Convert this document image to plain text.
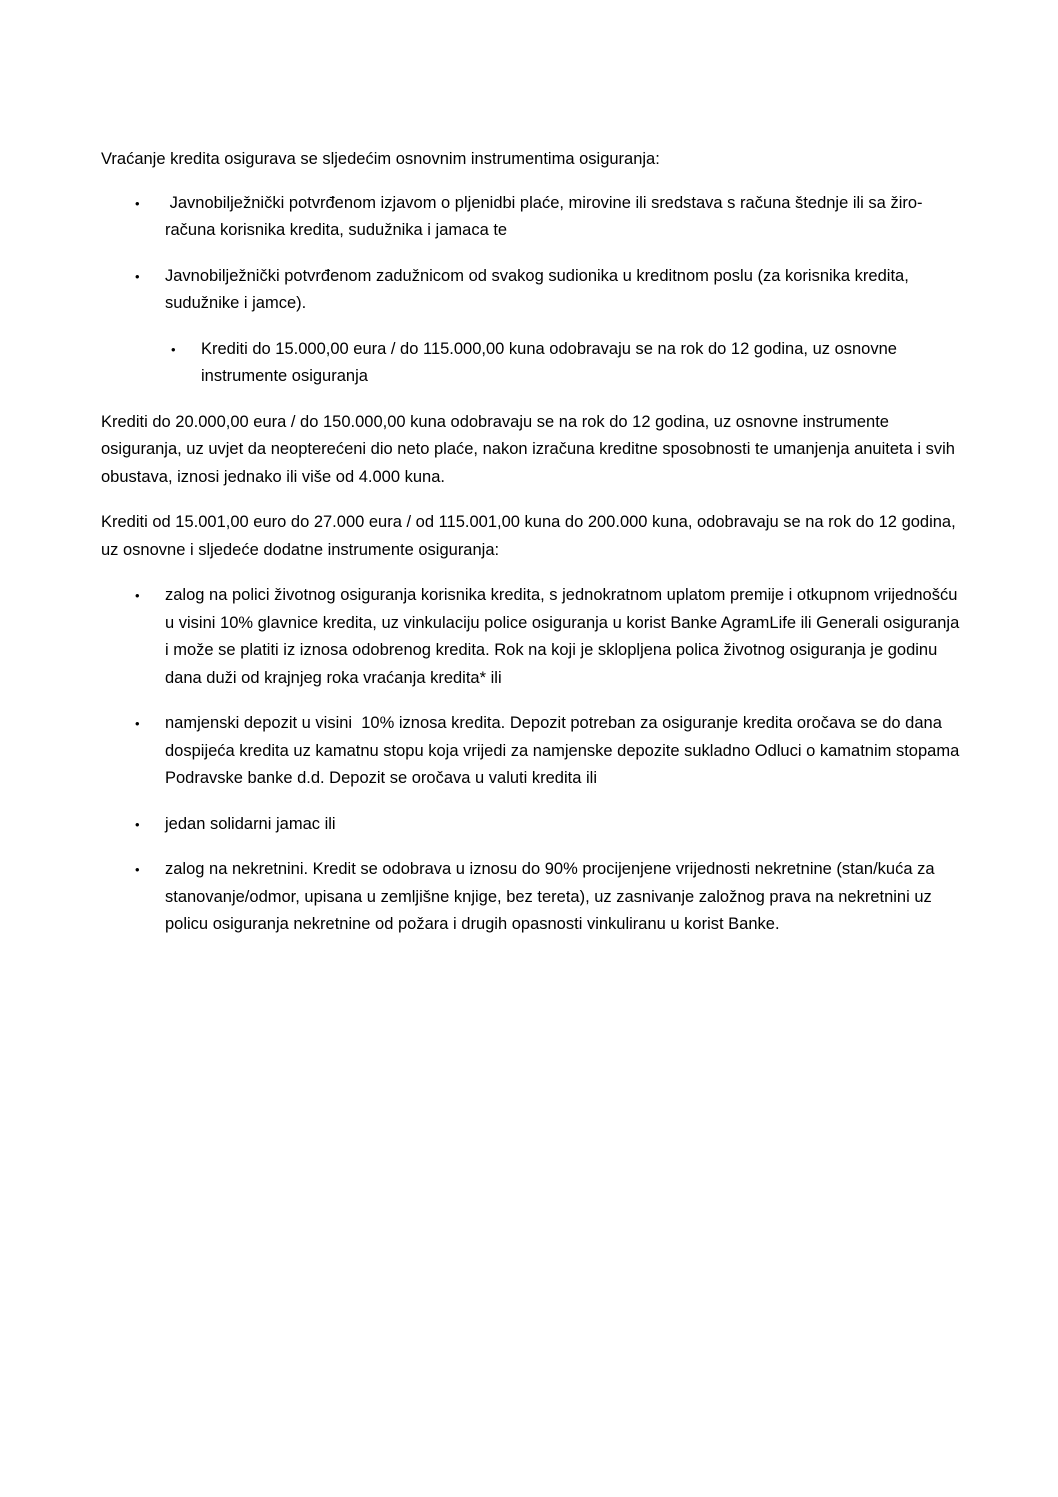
Vraćanje kredita osigurava se sljedećim osnovnim instrumentima osiguranja:

• Javnobilježnički potvrđenom izjavom o pljenidbi plaće, mirovine ili sredstava s računa štednje ili sa žiro-računa korisnika kredita, sudužnika i jamaca te
• Javnobilježnički potvrđenom zadužnicom od svakog sudionika u kreditnom poslu (za korisnika kredita, sudužnike i jamce).
• Krediti do 15.000,00 eura / do 115.000,00 kuna odobravaju se na rok do 12 godina, uz osnovne instrumente osiguranja

Krediti do 20.000,00 eura / do 150.000,00 kuna odobravaju se na rok do 12 godina, uz osnovne instrumente osiguranja, uz uvjet da neopterećeni dio neto plaće, nakon izračuna kreditne sposobnosti te umanjenja anuiteta i svih obustava, iznosi jednako ili više od 4.000 kuna.

Krediti od 15.001,00 euro do 27.000 eura / od 115.001,00 kuna do 200.000 kuna, odobravaju se na rok do 12 godina, uz osnovne i sljedeće dodatne instrumente osiguranja:

• zalog na polici životnog osiguranja korisnika kredita, s jednokratnom uplatom premije i otkupnom vrijednošću u visini 10% glavnice kredita, uz vinkulaciju police osiguranja u korist Banke AgramLife ili Generali osiguranja i može se platiti iz iznosa odobrenog kredita. Rok na koji je sklopljena polica životnog osiguranja je godinu dana duži od krajnjeg roka vraćanja kredita* ili
• namjenski depozit u visini  10% iznosa kredita. Depozit potreban za osiguranje kredita oročava se do dana dospijeća kredita uz kamatnu stopu koja vrijedi za namjenske depozite sukladno Odluci o kamatnim stopama Podravske banke d.d. Depozit se oročava u valuti kredita ili
• jedan solidarni jamac ili
• zalog na nekretnini. Kredit se odobrava u iznosu do 90% procijenjene vrijednosti nekretnine (stan/kuća za stanovanje/odmor, upisana u zemljišne knjige, bez tereta), uz zasnivanje založnog prava na nekretnini uz policu osiguranja nekretnine od požara i drugih opasnosti vinkuliranu u korist Banke.
